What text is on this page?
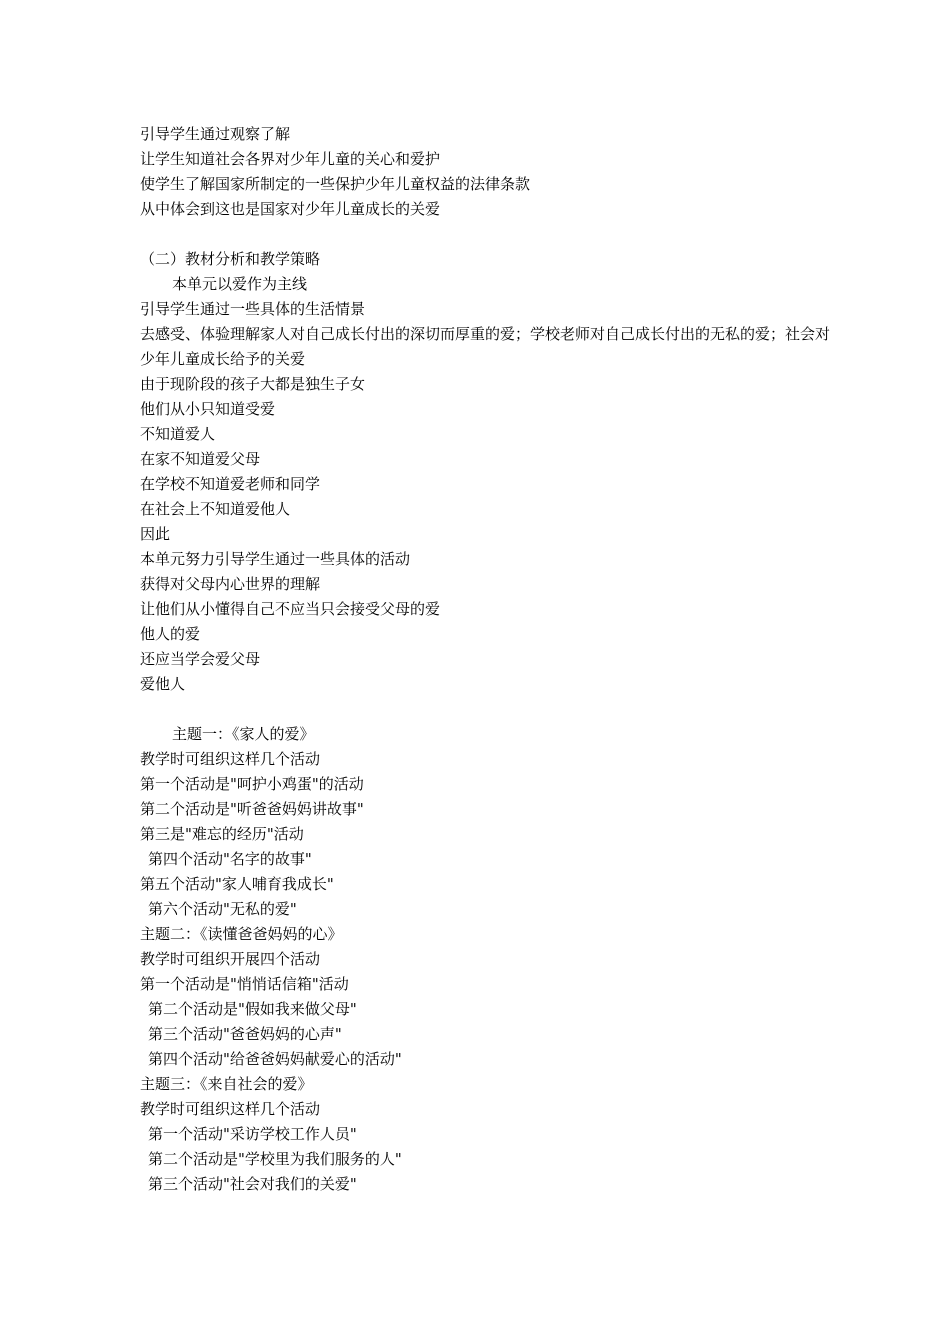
引导学生通过观察了解
让学生知道社会各界对少年儿童的关心和爱护
使学生了解国家所制定的一些保护少年儿童权益的法律条款
从中体会到这也是国家对少年儿童成长的关爱
（二）教材分析和教学策略
本单元以爱作为主线
引导学生通过一些具体的生活情景
去感受、体验理解家人对自己成长付出的深切而厚重的爱；学校老师对自己成长付出的无私的爱；社会对少年儿童成长给予的关爱
由于现阶段的孩子大都是独生子女
他们从小只知道受爱
不知道爱人
在家不知道爱父母
在学校不知道爱老师和同学
在社会上不知道爱他人
因此
本单元努力引导学生通过一些具体的活动
获得对父母内心世界的理解
让他们从小懂得自己不应当只会接受父母的爱
他人的爱
还应当学会爱父母
爱他人
主题一：《家人的爱》
教学时可组织这样几个活动
第一个活动是"呵护小鸡蛋"的活动
第二个活动是"听爸爸妈妈讲故事"
第三是"难忘的经历"活动
第四个活动"名字的故事"
第五个活动"家人哺育我成长"
第六个活动"无私的爱"
主题二：《读懂爸爸妈妈的心》
教学时可组织开展四个活动
第一个活动是"悄悄话信箱"活动
第二个活动是"假如我来做父母"
第三个活动"爸爸妈妈的心声"
第四个活动"给爸爸妈妈献爱心的活动"
主题三：《来自社会的爱》
教学时可组织这样几个活动
第一个活动"采访学校工作人员"
第二个活动是"学校里为我们服务的人"
第三个活动"社会对我们的关爱"
